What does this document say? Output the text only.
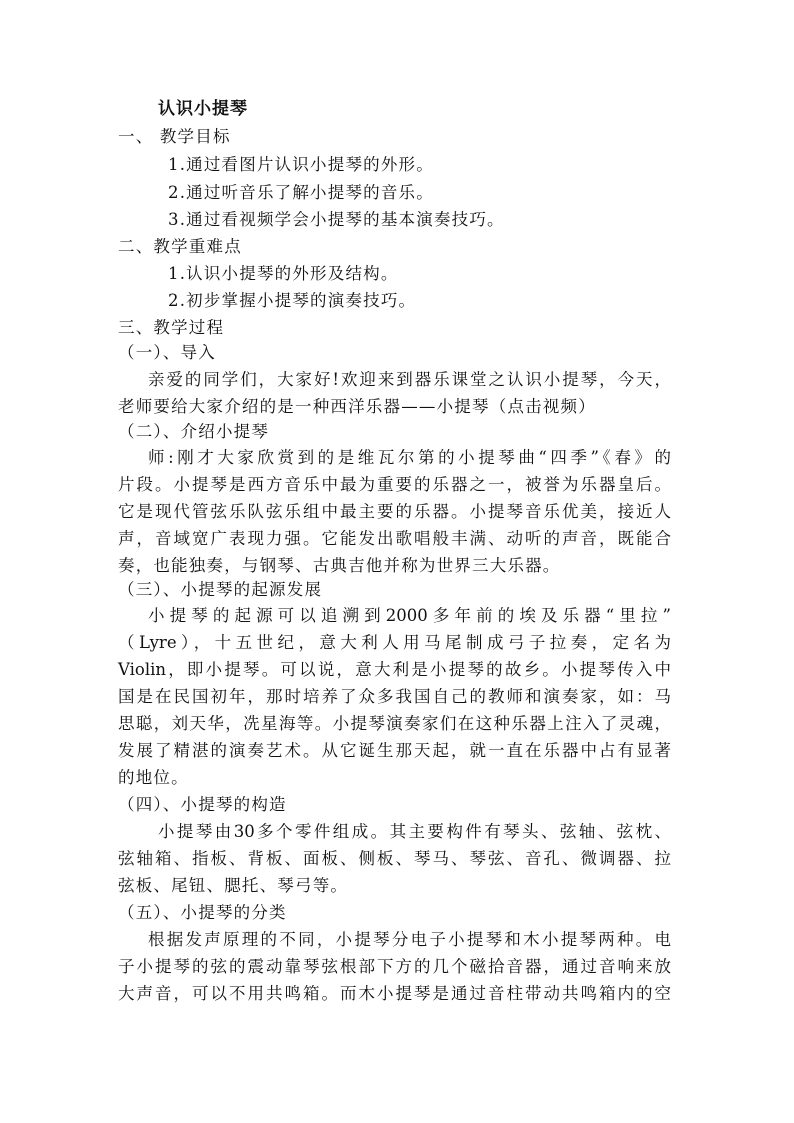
认识小提琴
一、 教学目标
1.通过看图片认识小提琴的外形。
2.通过听音乐了解小提琴的音乐。
3.通过看视频学会小提琴的基本演奏技巧。
二、教学重难点
1.认识小提琴的外形及结构。
2.初步掌握小提琴的演奏技巧。
三、教学过程
（一）、导入
亲爱的同学们，大家好!欢迎来到器乐课堂之认识小提琴，今天，
老师要给大家介绍的是一种西洋乐器——小提琴（点击视频）
（二）、介绍小提琴
师:刚才大家欣赏到的是维瓦尔第的小提琴曲“四季”《春》的
片段。小提琴是西方音乐中最为重要的乐器之一，被誉为乐器皇后。
它是现代管弦乐队弦乐组中最主要的乐器。小提琴音乐优美，接近人
声，音域宽广表现力强。它能发出歌唱般丰满、动听的声音，既能合
奏，也能独奏，与钢琴、古典吉他并称为世界三大乐器。
（三）、小提琴的起源发展
小提琴的起源可以追溯到2000多年前的埃及乐器“里拉”
（Lyre），十五世纪，意大利人用马尾制成弓子拉奏，定名为
Violin，即小提琴。可以说，意大利是小提琴的故乡。小提琴传入中
国是在民国初年，那时培养了众多我国自己的教师和演奏家，如：马
思聪，刘天华，冼星海等。小提琴演奏家们在这种乐器上注入了灵魂，
发展了精湛的演奏艺术。从它诞生那天起，就一直在乐器中占有显著
的地位。
（四）、小提琴的构造
小提琴由30多个零件组成。其主要构件有琴头、弦轴、弦枕、
弦轴箱、指板、背板、面板、侧板、琴马、琴弦、音孔、微调器、拉
弦板、尾钮、腮托、琴弓等。
（五）、小提琴的分类
根据发声原理的不同，小提琴分电子小提琴和木小提琴两种。电
子小提琴的弦的震动靠琴弦根部下方的几个磁拾音器，通过音响来放
大声音，可以不用共鸣箱。而木小提琴是通过音柱带动共鸣箱内的空
